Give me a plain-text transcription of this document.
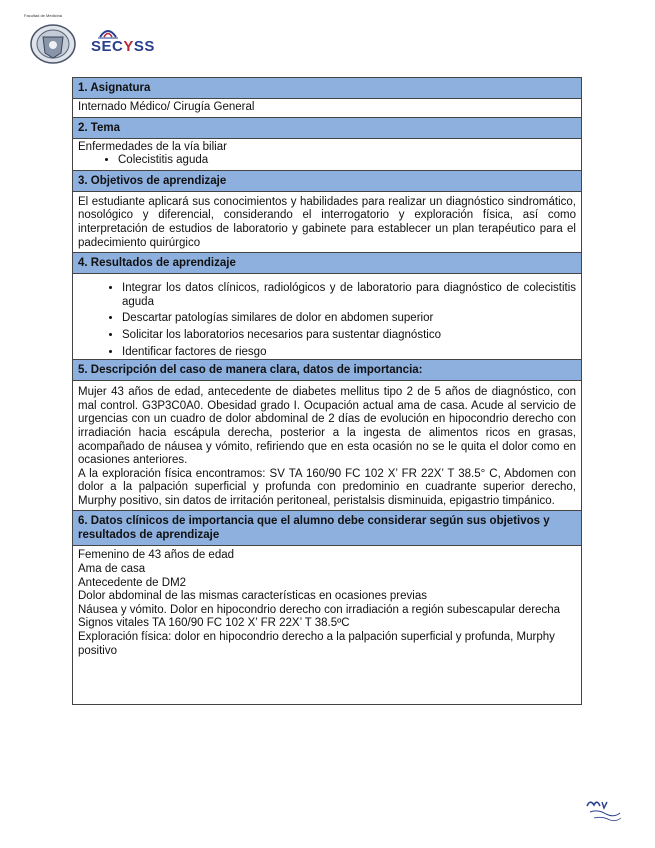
Facultad de Medicina
SECYSS
1. Asignatura
Internado Médico/ Cirugía General
2. Tema
Enfermedades de la vía biliar
• Colecistitis aguda
3. Objetivos de aprendizaje
El estudiante aplicará sus conocimientos y habilidades para realizar un diagnóstico sindromático, nosológico y diferencial, considerando el interrogatorio y exploración física, así como interpretación de estudios de laboratorio y gabinete para establecer un plan terapéutico para el padecimiento quirúrgico
4. Resultados de aprendizaje
• Integrar los datos clínicos, radiológicos y de laboratorio para diagnóstico de colecistitis aguda
• Descartar patologías similares de dolor en abdomen superior
• Solicitar los laboratorios necesarios para sustentar diagnóstico
• Identificar factores de riesgo
5. Descripción del caso de manera clara, datos de importancia:
Mujer 43 años de edad, antecedente de diabetes mellitus tipo 2 de 5 años de diagnóstico, con mal control. G3P3C0A0. Obesidad grado I. Ocupación actual ama de casa. Acude al servicio de urgencias con un cuadro de dolor abdominal de 2 días de evolución en hipocondrio derecho con irradiación hacia escápula derecha, posterior a la ingesta de alimentos ricos en grasas, acompañado de náusea y vómito, refiriendo que en esta ocasión no se le quita el dolor como en ocasiones anteriores.
A la exploración física encontramos: SV TA 160/90 FC 102 X’ FR 22X’ T 38.5° C, Abdomen con dolor a la palpación superficial y profunda con predominio en cuadrante superior derecho, Murphy positivo, sin datos de irritación peritoneal, peristalsis disminuida, epigastrio timpánico.
6. Datos clínicos de importancia que el alumno debe considerar según sus objetivos y resultados de aprendizaje
Femenino de 43 años de edad
Ama de casa
Antecedente de DM2
Dolor abdominal de las mismas características en ocasiones previas
Náusea y vómito. Dolor en hipocondrio derecho con irradiación a región subescapular derecha
Signos vitales TA 160/90 FC 102 X’ FR 22X’ T 38.5ºC
Exploración física: dolor en hipocondrio derecho a la palpación superficial y profunda, Murphy positivo
